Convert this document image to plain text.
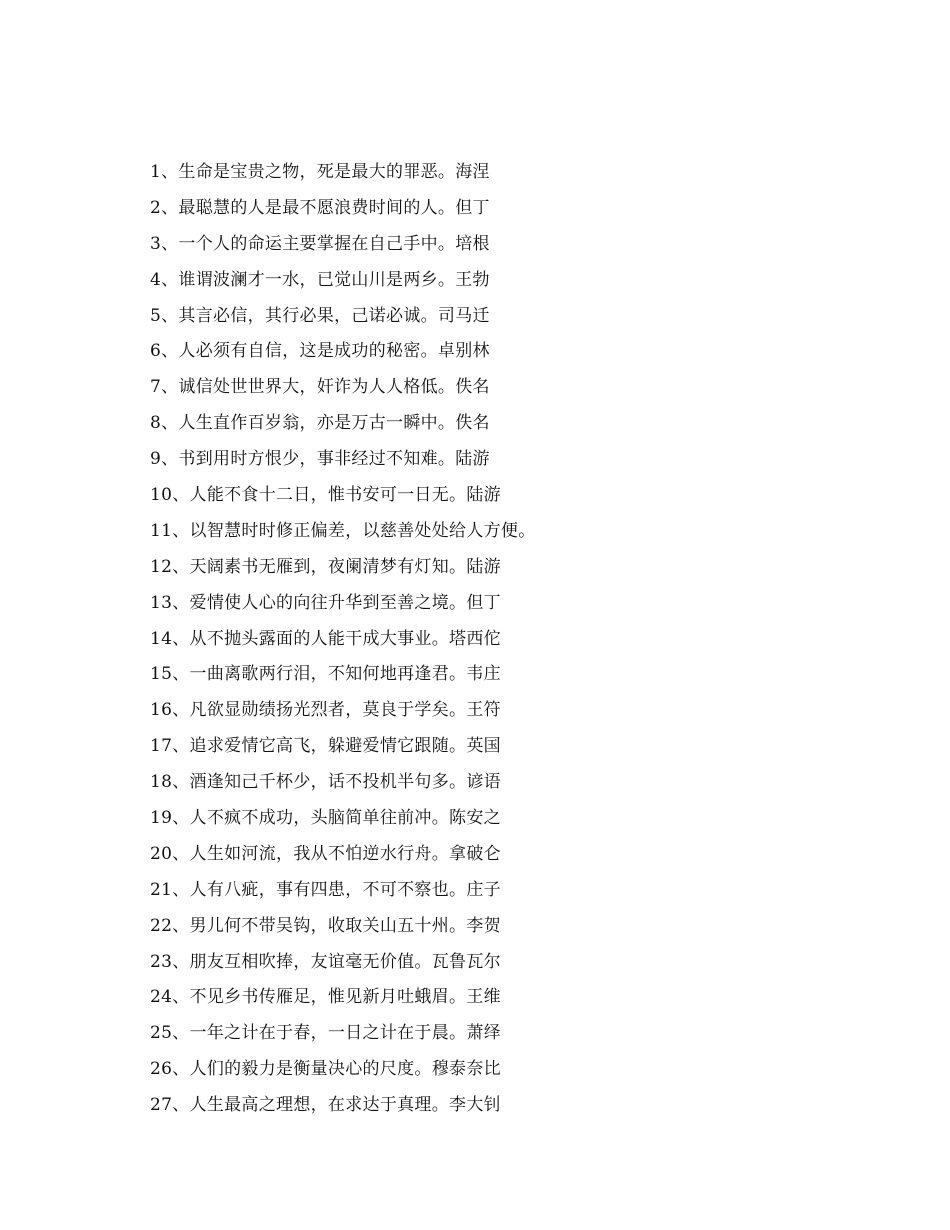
1、生命是宝贵之物，死是最大的罪恶。海涅
2、最聪慧的人是最不愿浪费时间的人。但丁
3、一个人的命运主要掌握在自己手中。培根
4、谁谓波澜才一水，已觉山川是两乡。王勃
5、其言必信，其行必果，己诺必诚。司马迁
6、人必须有自信，这是成功的秘密。卓别林
7、诚信处世世界大，奸诈为人人格低。佚名
8、人生直作百岁翁，亦是万古一瞬中。佚名
9、书到用时方恨少，事非经过不知难。陆游
10、人能不食十二日，惟书安可一日无。陆游
11、以智慧时时修正偏差，以慈善处处给人方便。
12、天阔素书无雁到，夜阑清梦有灯知。陆游
13、爱情使人心的向往升华到至善之境。但丁
14、从不抛头露面的人能干成大事业。塔西佗
15、一曲离歌两行泪，不知何地再逢君。韦庄
16、凡欲显勋绩扬光烈者，莫良于学矣。王符
17、追求爱情它高飞，躲避爱情它跟随。英国
18、酒逢知己千杯少，话不投机半句多。谚语
19、人不疯不成功，头脑简单往前冲。陈安之
20、人生如河流，我从不怕逆水行舟。拿破仑
21、人有八疵，事有四患，不可不察也。庄子
22、男儿何不带吴钩，收取关山五十州。李贺
23、朋友互相吹捧，友谊毫无价值。瓦鲁瓦尔
24、不见乡书传雁足，惟见新月吐蛾眉。王维
25、一年之计在于春，一日之计在于晨。萧绎
26、人们的毅力是衡量决心的尺度。穆泰奈比
27、人生最高之理想，在求达于真理。李大钊
